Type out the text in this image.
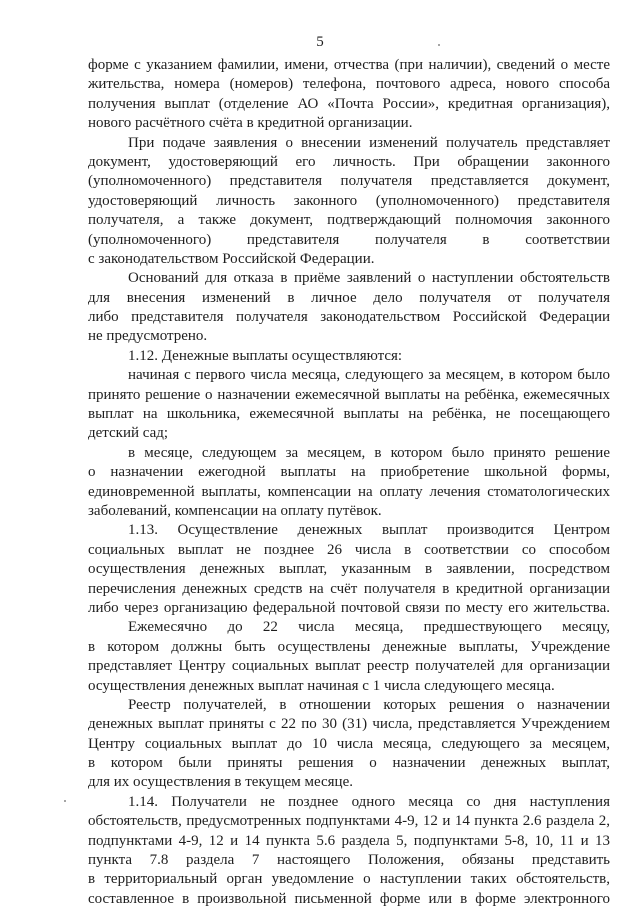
5
форме с указанием фамилии, имени, отчества (при наличии), сведений о месте
жительства, номера (номеров) телефона, почтового адреса, нового способа
получения выплат (отделение АО «Почта России», кредитная организация),
нового расчётного счёта в кредитной организации.
При подаче заявления о внесении изменений получатель представляет
документ, удостоверяющий его личность. При обращении законного
(уполномоченного) представителя получателя представляется документ,
удостоверяющий личность законного (уполномоченного) представителя
получателя, а также документ, подтверждающий полномочия законного
(уполномоченного) представителя получателя в соответствии
с законодательством Российской Федерации.
Оснований для отказа в приёме заявлений о наступлении обстоятельств
для внесения изменений в личное дело получателя от получателя
либо представителя получателя законодательством Российской Федерации
не предусмотрено.
1.12. Денежные выплаты осуществляются:
начиная с первого числа месяца, следующего за месяцем, в котором было
принято решение о назначении ежемесячной выплаты на ребёнка, ежемесячных
выплат на школьника, ежемесячной выплаты на ребёнка, не посещающего
детский сад;
в месяце, следующем за месяцем, в котором было принято решение
о назначении ежегодной выплаты на приобретение школьной формы,
единовременной выплаты, компенсации на оплату лечения стоматологических
заболеваний, компенсации на оплату путёвок.
1.13. Осуществление денежных выплат производится Центром
социальных выплат не позднее 26 числа в соответствии со способом
осуществления денежных выплат, указанным в заявлении, посредством
перечисления денежных средств на счёт получателя в кредитной организации
либо через организацию федеральной почтовой связи по месту его жительства.
Ежемесячно до 22 числа месяца, предшествующего месяцу,
в котором должны быть осуществлены денежные выплаты, Учреждение
представляет Центру социальных выплат реестр получателей для организации
осуществления денежных выплат начиная с 1 числа следующего месяца.
Реестр получателей, в отношении которых решения о назначении
денежных выплат приняты с 22 по 30 (31) числа, представляется Учреждением
Центру социальных выплат до 10 числа месяца, следующего за месяцем,
в котором были приняты решения о назначении денежных выплат,
для их осуществления в текущем месяце.
1.14. Получатели не позднее одного месяца со дня наступления
обстоятельств, предусмотренных подпунктами 4-9, 12 и 14 пункта 2.6 раздела 2,
подпунктами 4-9, 12 и 14 пункта 5.6 раздела 5, подпунктами 5-8, 10, 11 и 13
пункта 7.8 раздела 7 настоящего Положения, обязаны представить
в территориальный орган уведомление о наступлении таких обстоятельств,
составленное в произвольной письменной форме или в форме электронного
